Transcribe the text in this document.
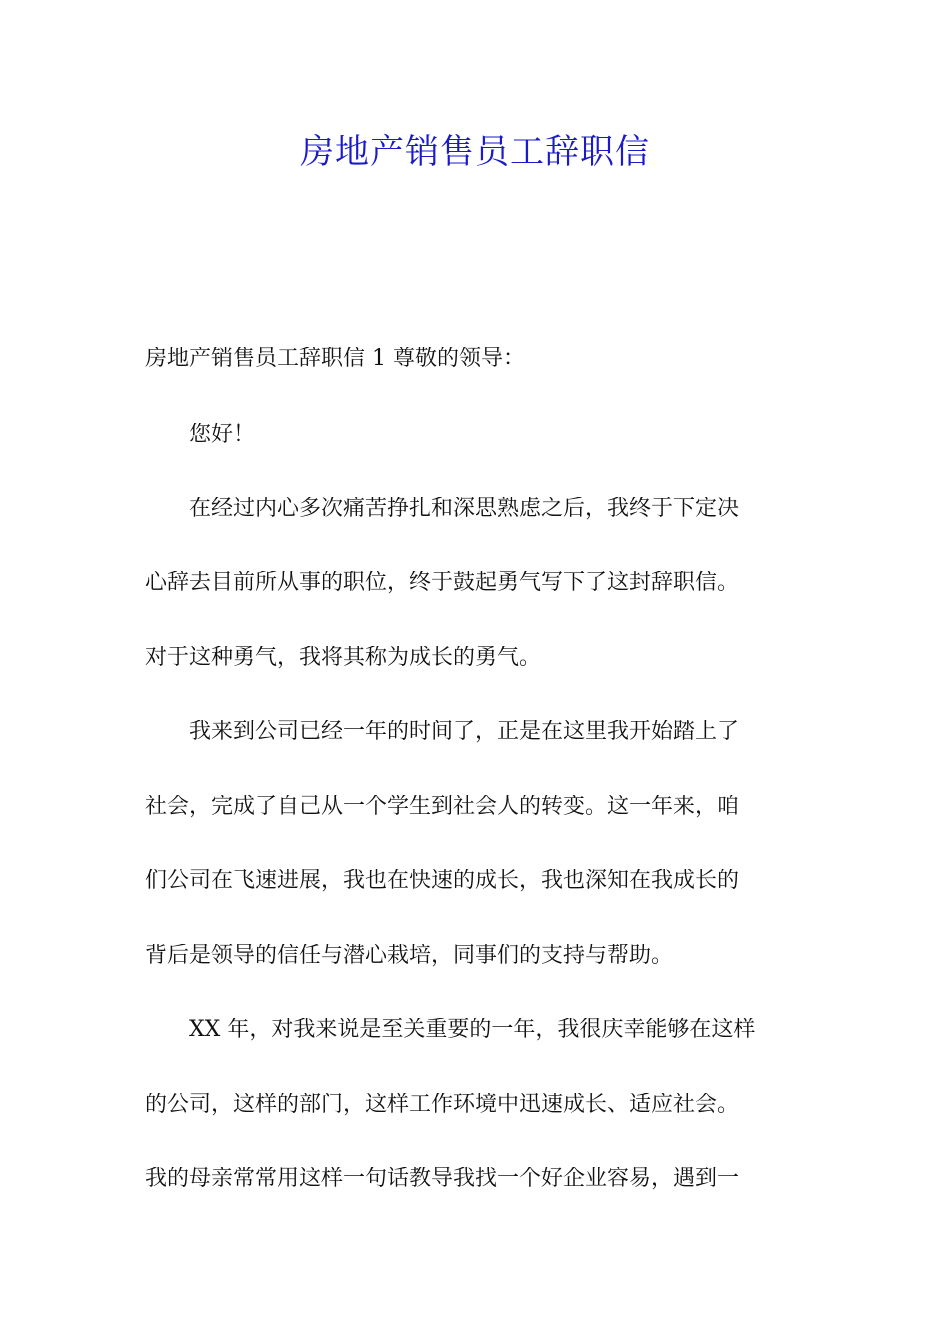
房地产销售员工辞职信
房地产销售员工辞职信 1 尊敬的领导：
　　您好！
　　在经过内心多次痛苦挣扎和深思熟虑之后，我终于下定决
心辞去目前所从事的职位，终于鼓起勇气写下了这封辞职信。
对于这种勇气，我将其称为成长的勇气。
　　我来到公司已经一年的时间了，正是在这里我开始踏上了
社会，完成了自己从一个学生到社会人的转变。这一年来，咱
们公司在飞速进展，我也在快速的成长，我也深知在我成长的
背后是领导的信任与潜心栽培，同事们的支持与帮助。
　　XX 年，对我来说是至关重要的一年，我很庆幸能够在这样
的公司，这样的部门，这样工作环境中迅速成长、适应社会。
我的母亲常常用这样一句话教导我找一个好企业容易，遇到一
